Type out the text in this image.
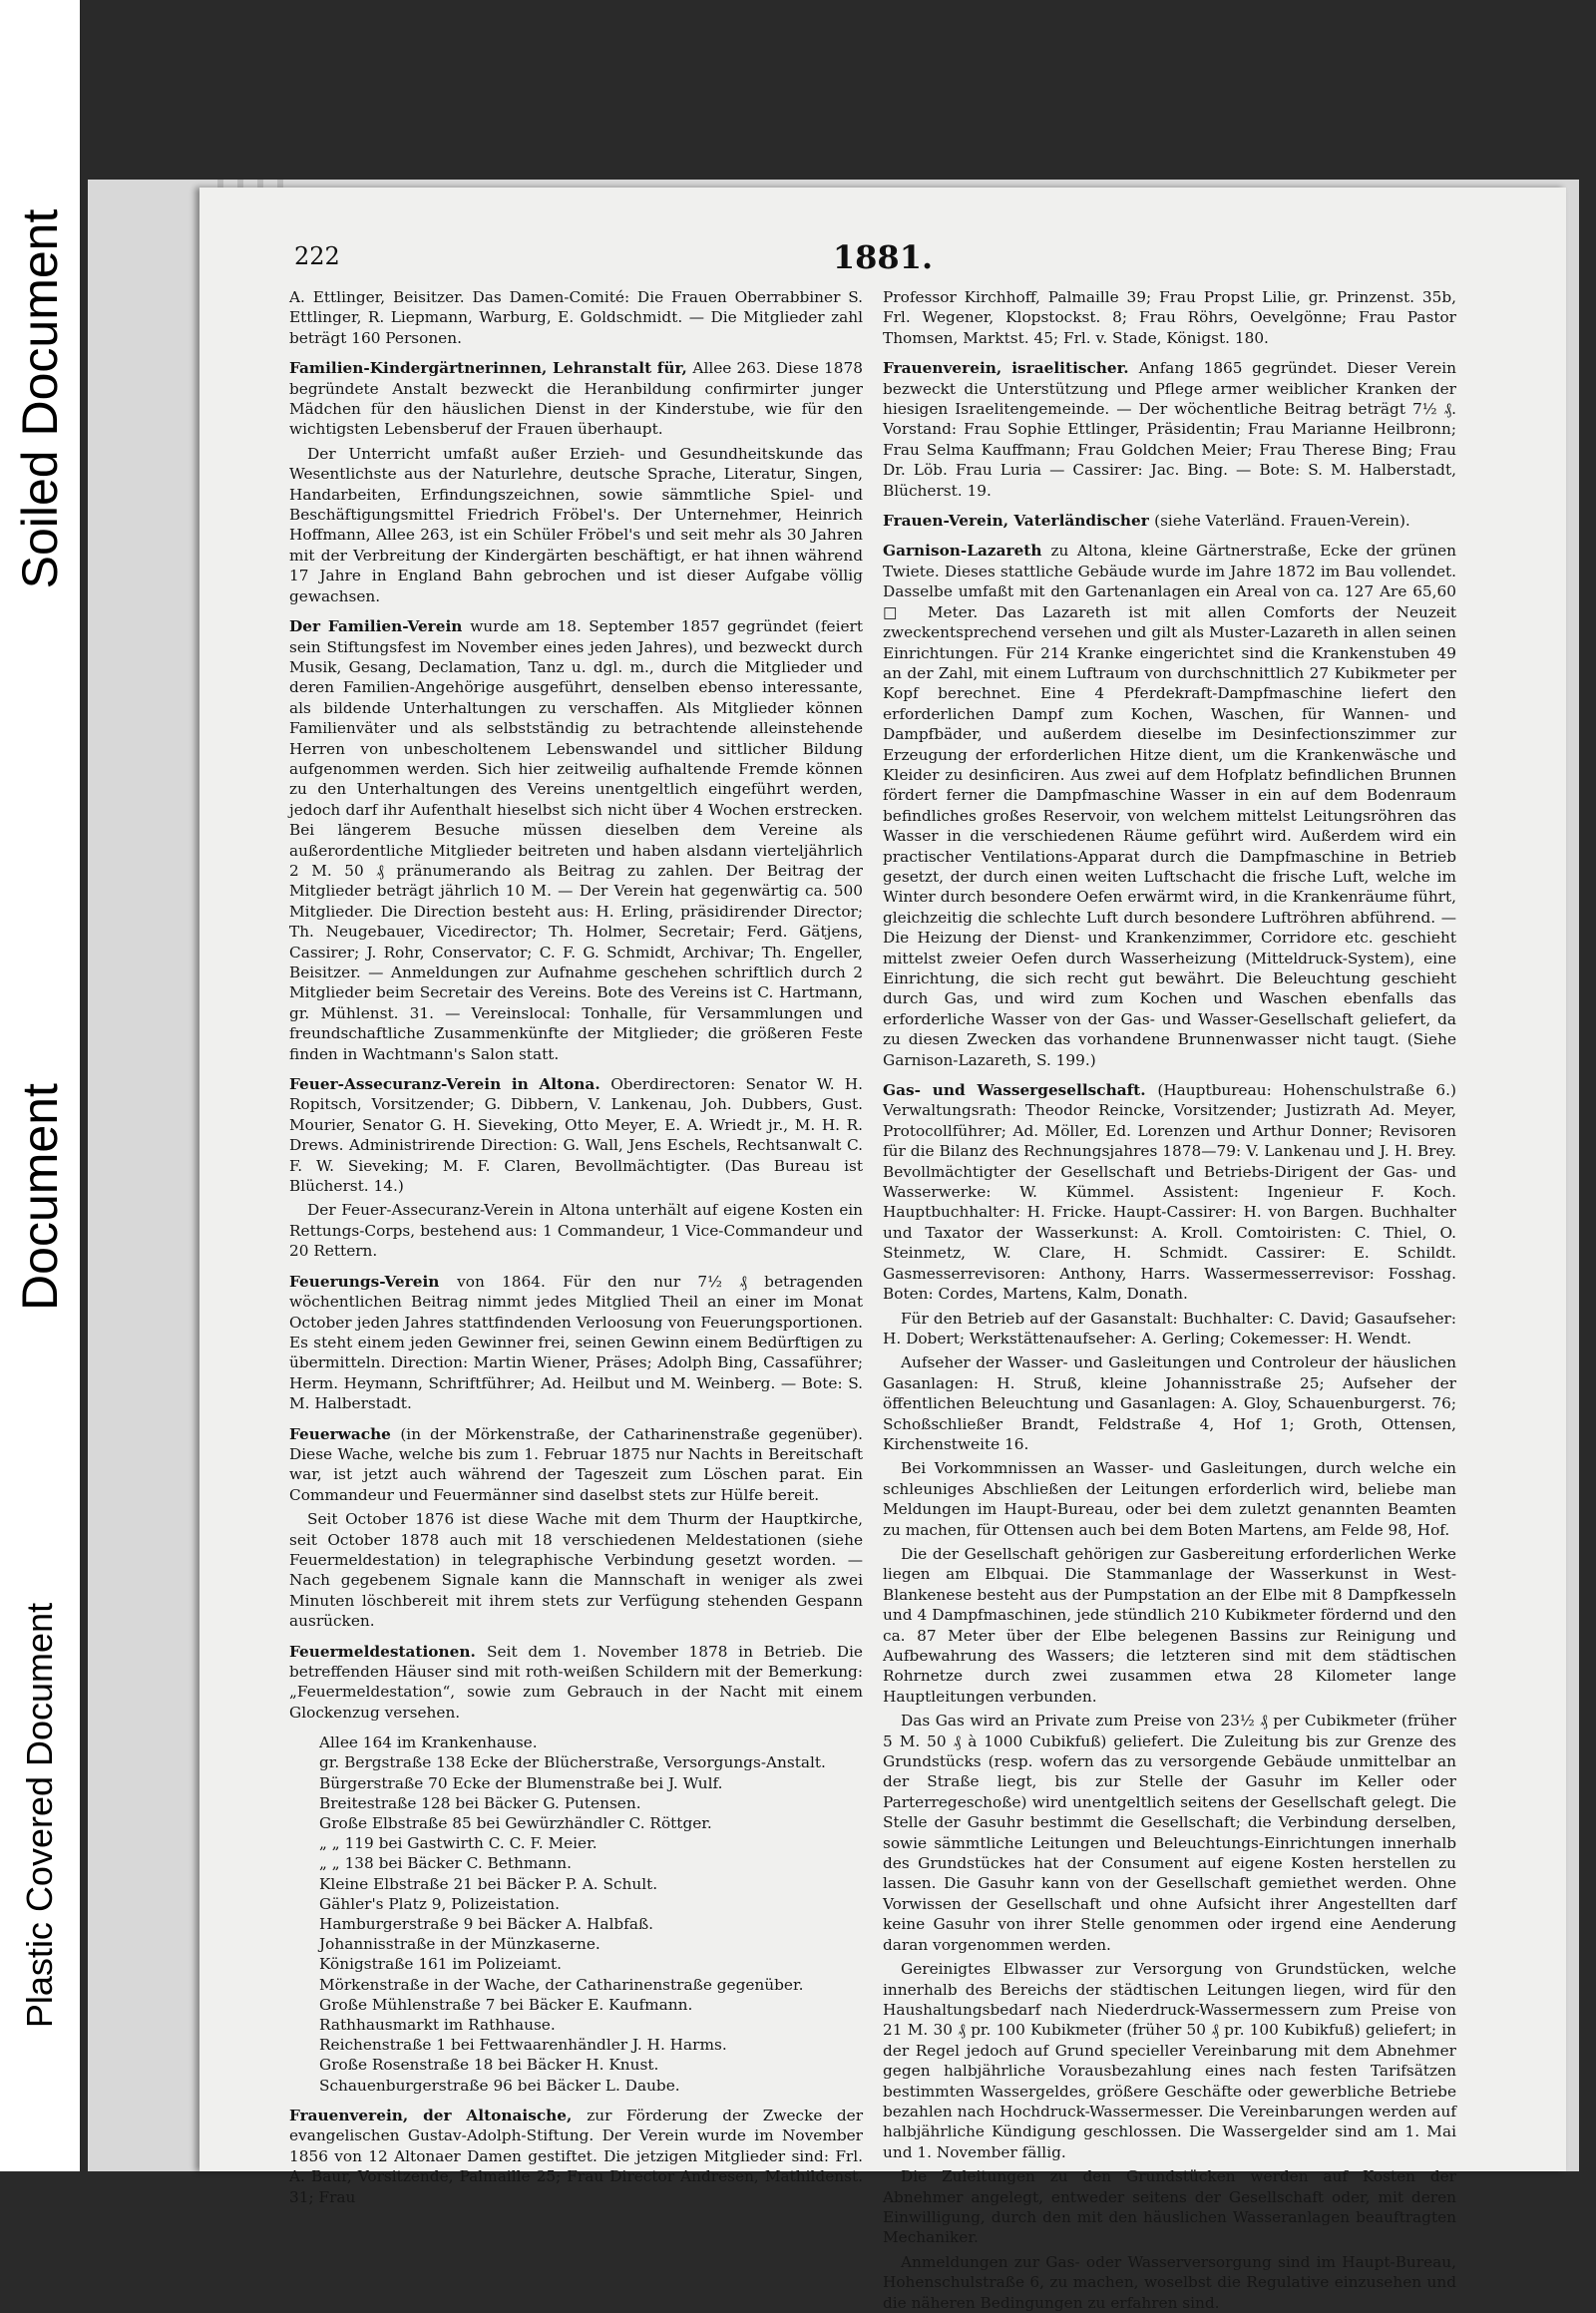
Plastic Covered Document
Document
Soiled Document	222	1881.

A. Ettlinger, Beisitzer. Das Damen-Comité: Die Frauen Oberrabbiner S. Ettlinger, R. Liepmann, Warburg, E. Goldschmidt. — Die Mitglieder zahl beträgt 160 Personen.

Familien-Kindergärtnerinnen, Lehranstalt für, Allee 263. Diese 1878 begründete Anstalt bezweckt die Heranbildung confirmirter junger Mädchen für den häuslichen Dienst in der Kinderstube, wie für den wichtigsten Lebensberuf der Frauen überhaupt.

Der Unterricht umfaßt außer Erzieh- und Gesundheitskunde das Wesentlichste aus der Naturlehre, deutsche Sprache, Literatur, Singen, Handarbeiten, Erfindungszeichnen, sowie sämmtliche Spiel- und Beschäftigungsmittel Friedrich Fröbel's. Der Unternehmer, Heinrich Hoffmann, Allee 263, ist ein Schüler Fröbel's und seit mehr als 30 Jahren mit der Verbreitung der Kindergärten beschäftigt, er hat ihnen während 17 Jahre in England Bahn gebrochen und ist dieser Aufgabe völlig gewachsen.

Der Familien-Verein wurde am 18. September 1857 gegründet (feiert sein Stiftungsfest im November eines jeden Jahres), und bezweckt durch Musik, Gesang, Declamation, Tanz u. dgl. m., durch die Mitglieder und deren Familien-Angehörige ausgeführt, denselben ebenso interessante, als bildende Unterhaltungen zu verschaffen. Als Mitglieder können Familienväter und als selbstständig zu betrachtende alleinstehende Herren von unbescholtenem Lebenswandel und sittlicher Bildung aufgenommen werden. Sich hier zeitweilig aufhaltende Fremde können zu den Unterhaltungen des Vereins unentgeltlich eingeführt werden, jedoch darf ihr Aufenthalt hieselbst sich nicht über 4 Wochen erstrecken. Bei längerem Besuche müssen dieselben dem Vereine als außerordentliche Mitglieder beitreten und haben alsdann vierteljährlich 2 M. 50 ₰ pränumerando als Beitrag zu zahlen. Der Beitrag der Mitglieder beträgt jährlich 10 M. — Der Verein hat gegenwärtig ca. 500 Mitglieder. Die Direction besteht aus: H. Erling, präsidirender Director; Th. Neugebauer, Vicedirector; Th. Holmer, Secretair; Ferd. Gätjens, Cassirer; J. Rohr, Conservator; C. F. G. Schmidt, Archivar; Th. Engeller, Beisitzer. — Anmeldungen zur Aufnahme geschehen schriftlich durch 2 Mitglieder beim Secretair des Vereins. Bote des Vereins ist C. Hartmann, gr. Mühlenst. 31. — Vereinslocal: Tonhalle, für Versammlungen und freundschaftliche Zusammenkünfte der Mitglieder; die größeren Feste finden in Wachtmann's Salon statt.

Feuer-Assecuranz-Verein in Altona. Oberdirectoren: Senator W. H. Ropitsch, Vorsitzender; G. Dibbern, V. Lankenau, Joh. Dubbers, Gust. Mourier, Senator G. H. Sieveking, Otto Meyer, E. A. Wriedt jr., M. H. R. Drews. Administrirende Direction: G. Wall, Jens Eschels, Rechtsanwalt C. F. W. Sieveking; M. F. Claren, Bevollmächtigter. (Das Bureau ist Blücherst. 14.)

Der Feuer-Assecuranz-Verein in Altona unterhält auf eigene Kosten ein Rettungs-Corps, bestehend aus: 1 Commandeur, 1 Vice-Commandeur und 20 Rettern.

Feuerungs-Verein von 1864. Für den nur 7½ ₰ betragenden wöchentlichen Beitrag nimmt jedes Mitglied Theil an einer im Monat October jeden Jahres stattfindenden Verloosung von Feuerungsportionen. Es steht einem jeden Gewinner frei, seinen Gewinn einem Bedürftigen zu übermitteln. Direction: Martin Wiener, Präses; Adolph Bing, Cassaführer; Herm. Heymann, Schriftführer; Ad. Heilbut und M. Weinberg. — Bote: S. M. Halberstadt.

Feuerwache (in der Mörkenstraße, der Catharinenstraße gegenüber). Diese Wache, welche bis zum 1. Februar 1875 nur Nachts in Bereitschaft war, ist jetzt auch während der Tageszeit zum Löschen parat. Ein Commandeur und Feuermänner sind daselbst stets zur Hülfe bereit.

Seit October 1876 ist diese Wache mit dem Thurm der Hauptkirche, seit October 1878 auch mit 18 verschiedenen Meldestationen (siehe Feuermeldestation) in telegraphische Verbindung gesetzt worden. — Nach gegebenem Signale kann die Mannschaft in weniger als zwei Minuten löschbereit mit ihrem stets zur Verfügung stehenden Gespann ausrücken.

Feuermeldestationen. Seit dem 1. November 1878 in Betrieb. Die betreffenden Häuser sind mit roth-weißen Schildern mit der Bemerkung: „Feuermeldestation“, sowie zum Gebrauch in der Nacht mit einem Glockenzug versehen.

Allee 164 im Krankenhause.
gr. Bergstraße 138 Ecke der Blücherstraße, Versorgungs-Anstalt.
Bürgerstraße 70 Ecke der Blumenstraße bei J. Wulf.
Breitestraße 128 bei Bäcker G. Putensen.
Große Elbstraße 85 bei Gewürzhändler C. Röttger.
„ „ 119 bei Gastwirth C. C. F. Meier.
„ „ 138 bei Bäcker C. Bethmann.
Kleine Elbstraße 21 bei Bäcker P. A. Schult.
Gähler's Platz 9, Polizeistation.
Hamburgerstraße 9 bei Bäcker A. Halbfaß.
Johannisstraße in der Münzkaserne.
Königstraße 161 im Polizeiamt.
Mörkenstraße in der Wache, der Catharinenstraße gegenüber.
Große Mühlenstraße 7 bei Bäcker E. Kaufmann.
Rathhausmarkt im Rathhause.
Reichenstraße 1 bei Fettwaarenhändler J. H. Harms.
Große Rosenstraße 18 bei Bäcker H. Knust.
Schauenburgerstraße 96 bei Bäcker L. Daube.

Frauenverein, der Altonaische, zur Förderung der Zwecke der evangelischen Gustav-Adolph-Stiftung. Der Verein wurde im November 1856 von 12 Altonaer Damen gestiftet. Die jetzigen Mitglieder sind: Frl. A. Baur, Vorsitzende, Palmaille 25; Frau Director Andresen, Mathildenst. 31; Frau

Professor Kirchhoff, Palmaille 39; Frau Propst Lilie, gr. Prinzenst. 35b, Frl. Wegener, Klopstockst. 8; Frau Röhrs, Oevelgönne; Frau Pastor Thomsen, Marktst. 45; Frl. v. Stade, Königst. 180.

Frauenverein, israelitischer. Anfang 1865 gegründet. Dieser Verein bezweckt die Unterstützung und Pflege armer weiblicher Kranken der hiesigen Israelitengemeinde. — Der wöchentliche Beitrag beträgt 7½ ₰. Vorstand: Frau Sophie Ettlinger, Präsidentin; Frau Marianne Heilbronn; Frau Selma Kauffmann; Frau Goldchen Meier; Frau Therese Bing; Frau Dr. Löb. Frau Luria — Cassirer: Jac. Bing. — Bote: S. M. Halberstadt, Blücherst. 19.

Frauen-Verein, Vaterländischer (siehe Vaterländ. Frauen-Verein).

Garnison-Lazareth zu Altona, kleine Gärtnerstraße, Ecke der grünen Twiete. Dieses stattliche Gebäude wurde im Jahre 1872 im Bau vollendet. Dasselbe umfaßt mit den Gartenanlagen ein Areal von ca. 127 Are 65,60 □ Meter. Das Lazareth ist mit allen Comforts der Neuzeit zweckentsprechend versehen und gilt als Muster-Lazareth in allen seinen Einrichtungen. Für 214 Kranke eingerichtet sind die Krankenstuben 49 an der Zahl, mit einem Luftraum von durchschnittlich 27 Kubikmeter per Kopf berechnet. Eine 4 Pferdekraft-Dampfmaschine liefert den erforderlichen Dampf zum Kochen, Waschen, für Wannen- und Dampfbäder, und außerdem dieselbe im Desinfectionszimmer zur Erzeugung der erforderlichen Hitze dient, um die Krankenwäsche und Kleider zu desinficiren. Aus zwei auf dem Hofplatz befindlichen Brunnen fördert ferner die Dampfmaschine Wasser in ein auf dem Bodenraum befindliches großes Reservoir, von welchem mittelst Leitungsröhren das Wasser in die verschiedenen Räume geführt wird. Außerdem wird ein practischer Ventilations-Apparat durch die Dampfmaschine in Betrieb gesetzt, der durch einen weiten Luftschacht die frische Luft, welche im Winter durch besondere Oefen erwärmt wird, in die Krankenräume führt, gleichzeitig die schlechte Luft durch besondere Luftröhren abführend. — Die Heizung der Dienst- und Krankenzimmer, Corridore etc. geschieht mittelst zweier Oefen durch Wasserheizung (Mitteldruck-System), eine Einrichtung, die sich recht gut bewährt. Die Beleuchtung geschieht durch Gas, und wird zum Kochen und Waschen ebenfalls das erforderliche Wasser von der Gas- und Wasser-Gesellschaft geliefert, da zu diesen Zwecken das vorhandene Brunnenwasser nicht taugt. (Siehe Garnison-Lazareth, S. 199.)

Gas- und Wassergesellschaft. (Hauptbureau: Hohenschulstraße 6.) Verwaltungsrath: Theodor Reincke, Vorsitzender; Justizrath Ad. Meyer, Protocollführer; Ad. Möller, Ed. Lorenzen und Arthur Donner; Revisoren für die Bilanz des Rechnungsjahres 1878—79: V. Lankenau und J. H. Brey. Bevollmächtigter der Gesellschaft und Betriebs-Dirigent der Gas- und Wasserwerke: W. Kümmel. Assistent: Ingenieur F. Koch. Hauptbuchhalter: H. Fricke. Haupt-Cassirer: H. von Bargen. Buchhalter und Taxator der Wasserkunst: A. Kroll. Comtoiristen: C. Thiel, O. Steinmetz, W. Clare, H. Schmidt. Cassirer: E. Schildt. Gasmesserrevisoren: Anthony, Harrs. Wassermesserrevisor: Fosshag. Boten: Cordes, Martens, Kalm, Donath.

Für den Betrieb auf der Gasanstalt: Buchhalter: C. David; Gasaufseher: H. Dobert; Werkstättenaufseher: A. Gerling; Cokemesser: H. Wendt.

Aufseher der Wasser- und Gasleitungen und Controleur der häuslichen Gasanlagen: H. Struß, kleine Johannisstraße 25; Aufseher der öffentlichen Beleuchtung und Gasanlagen: A. Gloy, Schauenburgerst. 76; Schoßschließer Brandt, Feldstraße 4, Hof 1; Groth, Ottensen, Kirchenstweite 16.

Bei Vorkommnissen an Wasser- und Gasleitungen, durch welche ein schleuniges Abschließen der Leitungen erforderlich wird, beliebe man Meldungen im Haupt-Bureau, oder bei dem zuletzt genannten Beamten zu machen, für Ottensen auch bei dem Boten Martens, am Felde 98, Hof.

Die der Gesellschaft gehörigen zur Gasbereitung erforderlichen Werke liegen am Elbquai. Die Stammanlage der Wasserkunst in West-Blankenese besteht aus der Pumpstation an der Elbe mit 8 Dampfkesseln und 4 Dampfmaschinen, jede stündlich 210 Kubikmeter fördernd und den ca. 87 Meter über der Elbe belegenen Bassins zur Reinigung und Aufbewahrung des Wassers; die letzteren sind mit dem städtischen Rohrnetze durch zwei zusammen etwa 28 Kilometer lange Hauptleitungen verbunden.

Das Gas wird an Private zum Preise von 23½ ₰ per Cubikmeter (früher 5 M. 50 ₰ à 1000 Cubikfuß) geliefert. Die Zuleitung bis zur Grenze des Grundstücks (resp. wofern das zu versorgende Gebäude unmittelbar an der Straße liegt, bis zur Stelle der Gasuhr im Keller oder Parterregeschoße) wird unentgeltlich seitens der Gesellschaft gelegt. Die Stelle der Gasuhr bestimmt die Gesellschaft; die Verbindung derselben, sowie sämmtliche Leitungen und Beleuchtungs-Einrichtungen innerhalb des Grundstückes hat der Consument auf eigene Kosten herstellen zu lassen. Die Gasuhr kann von der Gesellschaft gemiethet werden. Ohne Vorwissen der Gesellschaft und ohne Aufsicht ihrer Angestellten darf keine Gasuhr von ihrer Stelle genommen oder irgend eine Aenderung daran vorgenommen werden.

Gereinigtes Elbwasser zur Versorgung von Grundstücken, welche innerhalb des Bereichs der städtischen Leitungen liegen, wird für den Haushaltungsbedarf nach Niederdruck-Wassermessern zum Preise von 21 M. 30 ₰ pr. 100 Kubikmeter (früher 50 ₰ pr. 100 Kubikfuß) geliefert; in der Regel jedoch auf Grund specieller Vereinbarung mit dem Abnehmer gegen halbjährliche Vorausbezahlung eines nach festen Tarifsätzen bestimmten Wassergeldes, größere Geschäfte oder gewerbliche Betriebe bezahlen nach Hochdruck-Wassermesser. Die Vereinbarungen werden auf halbjährliche Kündigung geschlossen. Die Wassergelder sind am 1. Mai und 1. November fällig.

Die Zuleitungen zu den Grundstücken werden auf Kosten der Abnehmer angelegt, entweder seitens der Gesellschaft oder, mit deren Einwilligung, durch den mit den häuslichen Wasseranlagen beauftragten Mechaniker.

Anmeldungen zur Gas- oder Wasserversorgung sind im Haupt-Bureau, Hohenschulstraße 6, zu machen, woselbst die Regulative einzusehen und die näheren Bedingungen zu erfahren sind.
